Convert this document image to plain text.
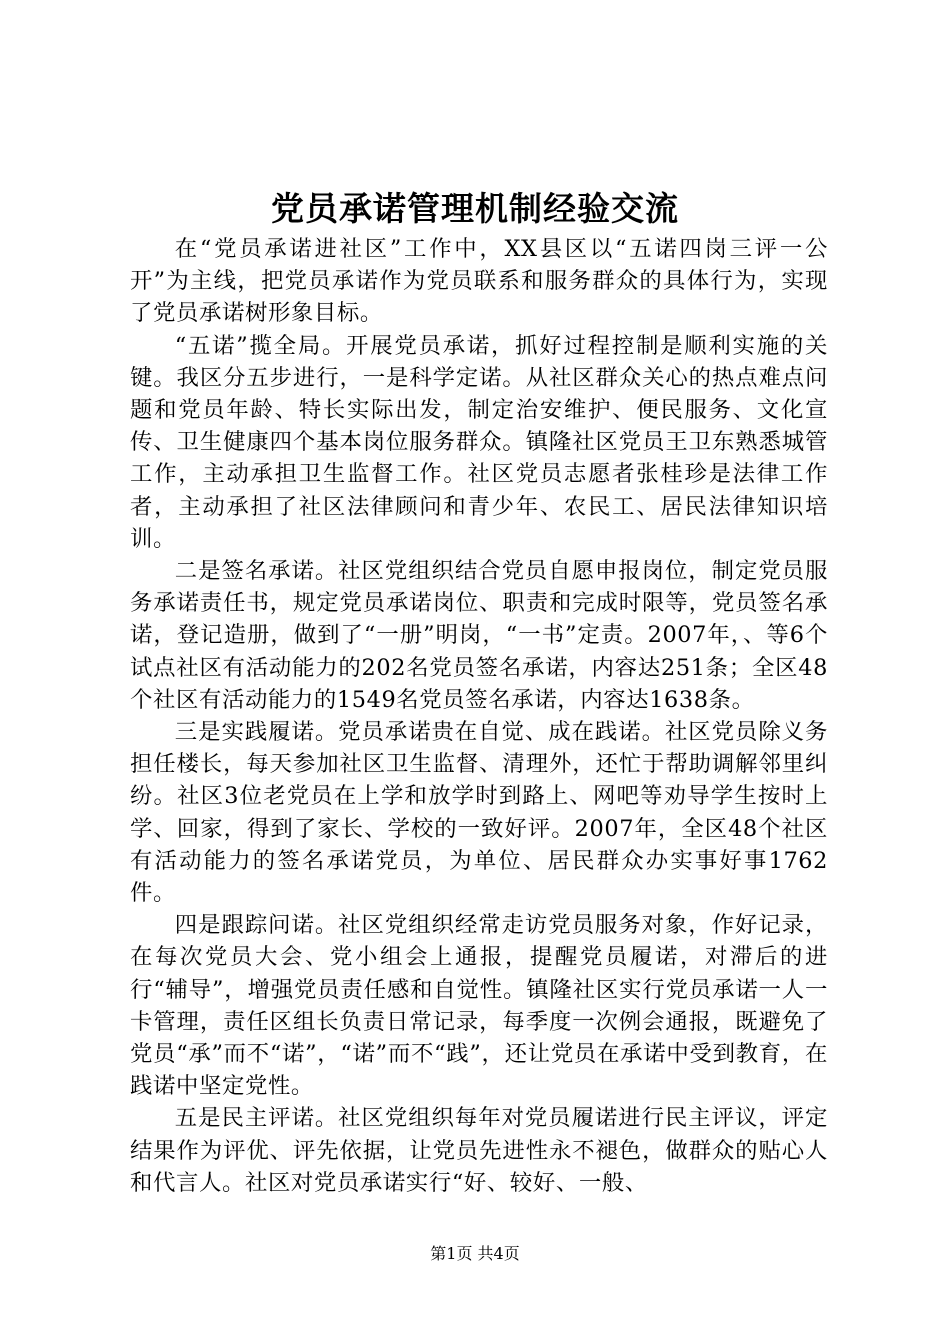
党员承诺管理机制经验交流

在“党员承诺进社区”工作中，XX县区以“五诺四岗三评一公开”为主线，把党员承诺作为党员联系和服务群众的具体行为，实现了党员承诺树形象目标。

“五诺”揽全局。开展党员承诺，抓好过程控制是顺利实施的关键。我区分五步进行，一是科学定诺。从社区群众关心的热点难点问题和党员年龄、特长实际出发，制定治安维护、便民服务、文化宣传、卫生健康四个基本岗位服务群众。镇隆社区党员王卫东熟悉城管工作，主动承担卫生监督工作。社区党员志愿者张桂珍是法律工作者，主动承担了社区法律顾问和青少年、农民工、居民法律知识培训。

二是签名承诺。社区党组织结合党员自愿申报岗位，制定党员服务承诺责任书，规定党员承诺岗位、职责和完成时限等，党员签名承诺，登记造册，做到了“一册”明岗，“一书”定责。2007年，、等6个试点社区有活动能力的202名党员签名承诺，内容达251条；全区48个社区有活动能力的1549名党员签名承诺，内容达1638条。

三是实践履诺。党员承诺贵在自觉、成在践诺。社区党员除义务担任楼长，每天参加社区卫生监督、清理外，还忙于帮助调解邻里纠纷。社区3位老党员在上学和放学时到路上、网吧等劝导学生按时上学、回家，得到了家长、学校的一致好评。2007年，全区48个社区有活动能力的签名承诺党员，为单位、居民群众办实事好事1762件。

四是跟踪问诺。社区党组织经常走访党员服务对象，作好记录，在每次党员大会、党小组会上通报，提醒党员履诺，对滞后的进行“辅导”，增强党员责任感和自觉性。镇隆社区实行党员承诺一人一卡管理，责任区组长负责日常记录，每季度一次例会通报，既避免了党员“承”而不“诺”，“诺”而不“践”，还让党员在承诺中受到教育，在践诺中坚定党性。

五是民主评诺。社区党组织每年对党员履诺进行民主评议，评定结果作为评优、评先依据，让党员先进性永不褪色，做群众的贴心人和代言人。社区对党员承诺实行“好、较好、一般、

第1页 共4页
